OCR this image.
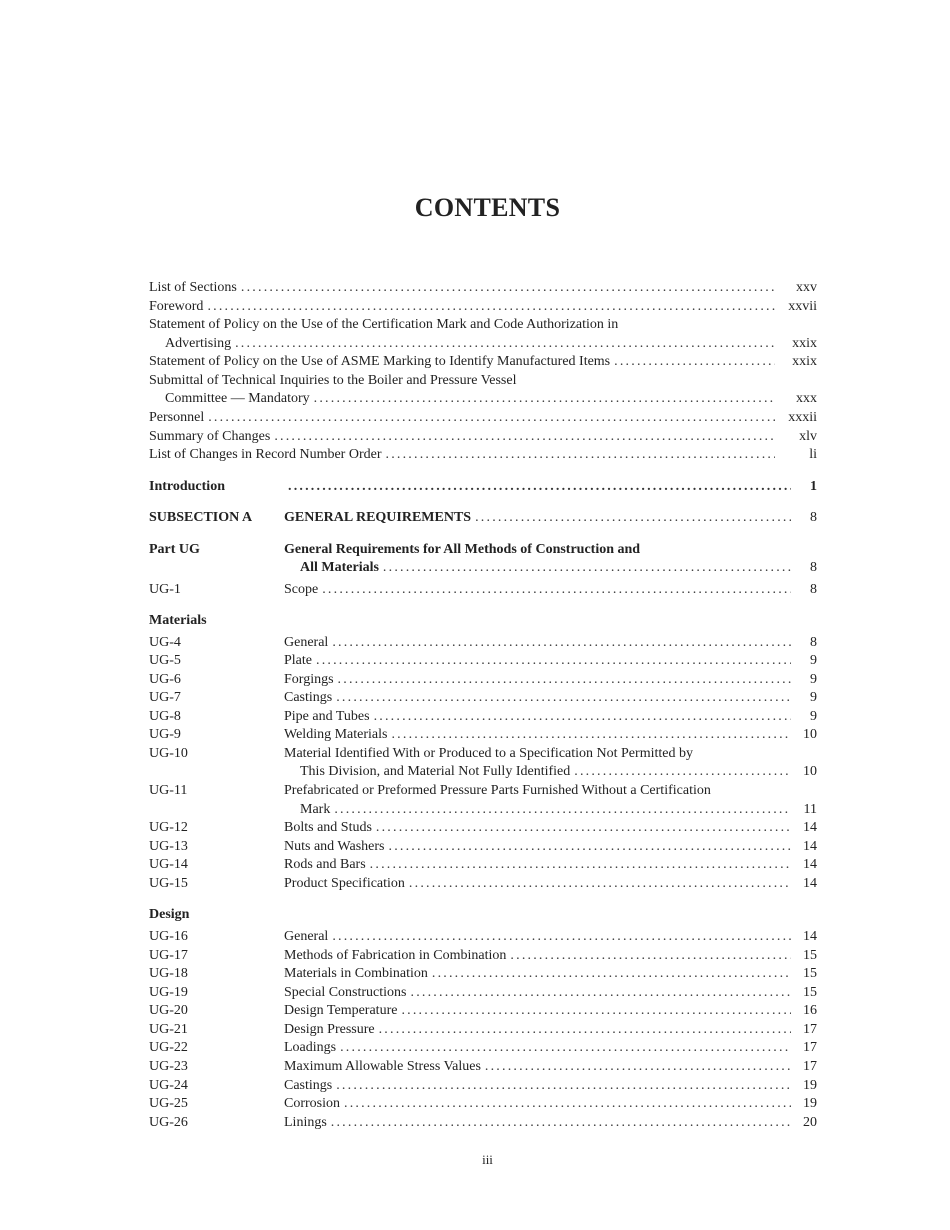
CONTENTS
List of Sections .....	xxv
Foreword .....	xxvii
Statement of Policy on the Use of the Certification Mark and Code Authorization in
Advertising .....	xxix
Statement of Policy on the Use of ASME Marking to Identify Manufactured Items .....	xxix
Submittal of Technical Inquiries to the Boiler and Pressure Vessel
Committee — Mandatory .....	xxx
Personnel .....	xxxii
Summary of Changes .....	xlv
List of Changes in Record Number Order .....	li
Introduction .....	1
SUBSECTION A	GENERAL REQUIREMENTS .....	8
Part UG	General Requirements for All Methods of Construction and
All Materials .....	8
UG-1	Scope .....	8
Materials
UG-4	General .....	8
UG-5	Plate .....	9
UG-6	Forgings .....	9
UG-7	Castings .....	9
UG-8	Pipe and Tubes .....	9
UG-9	Welding Materials .....	10
UG-10	Material Identified With or Produced to a Specification Not Permitted by
This Division, and Material Not Fully Identified .....	10
UG-11	Prefabricated or Preformed Pressure Parts Furnished Without a Certification
Mark .....	11
UG-12	Bolts and Studs .....	14
UG-13	Nuts and Washers .....	14
UG-14	Rods and Bars .....	14
UG-15	Product Specification .....	14
Design
UG-16	General .....	14
UG-17	Methods of Fabrication in Combination .....	15
UG-18	Materials in Combination .....	15
UG-19	Special Constructions .....	15
UG-20	Design Temperature .....	16
UG-21	Design Pressure .....	17
UG-22	Loadings .....	17
UG-23	Maximum Allowable Stress Values .....	17
UG-24	Castings .....	19
UG-25	Corrosion .....	19
UG-26	Linings .....	20
iii
